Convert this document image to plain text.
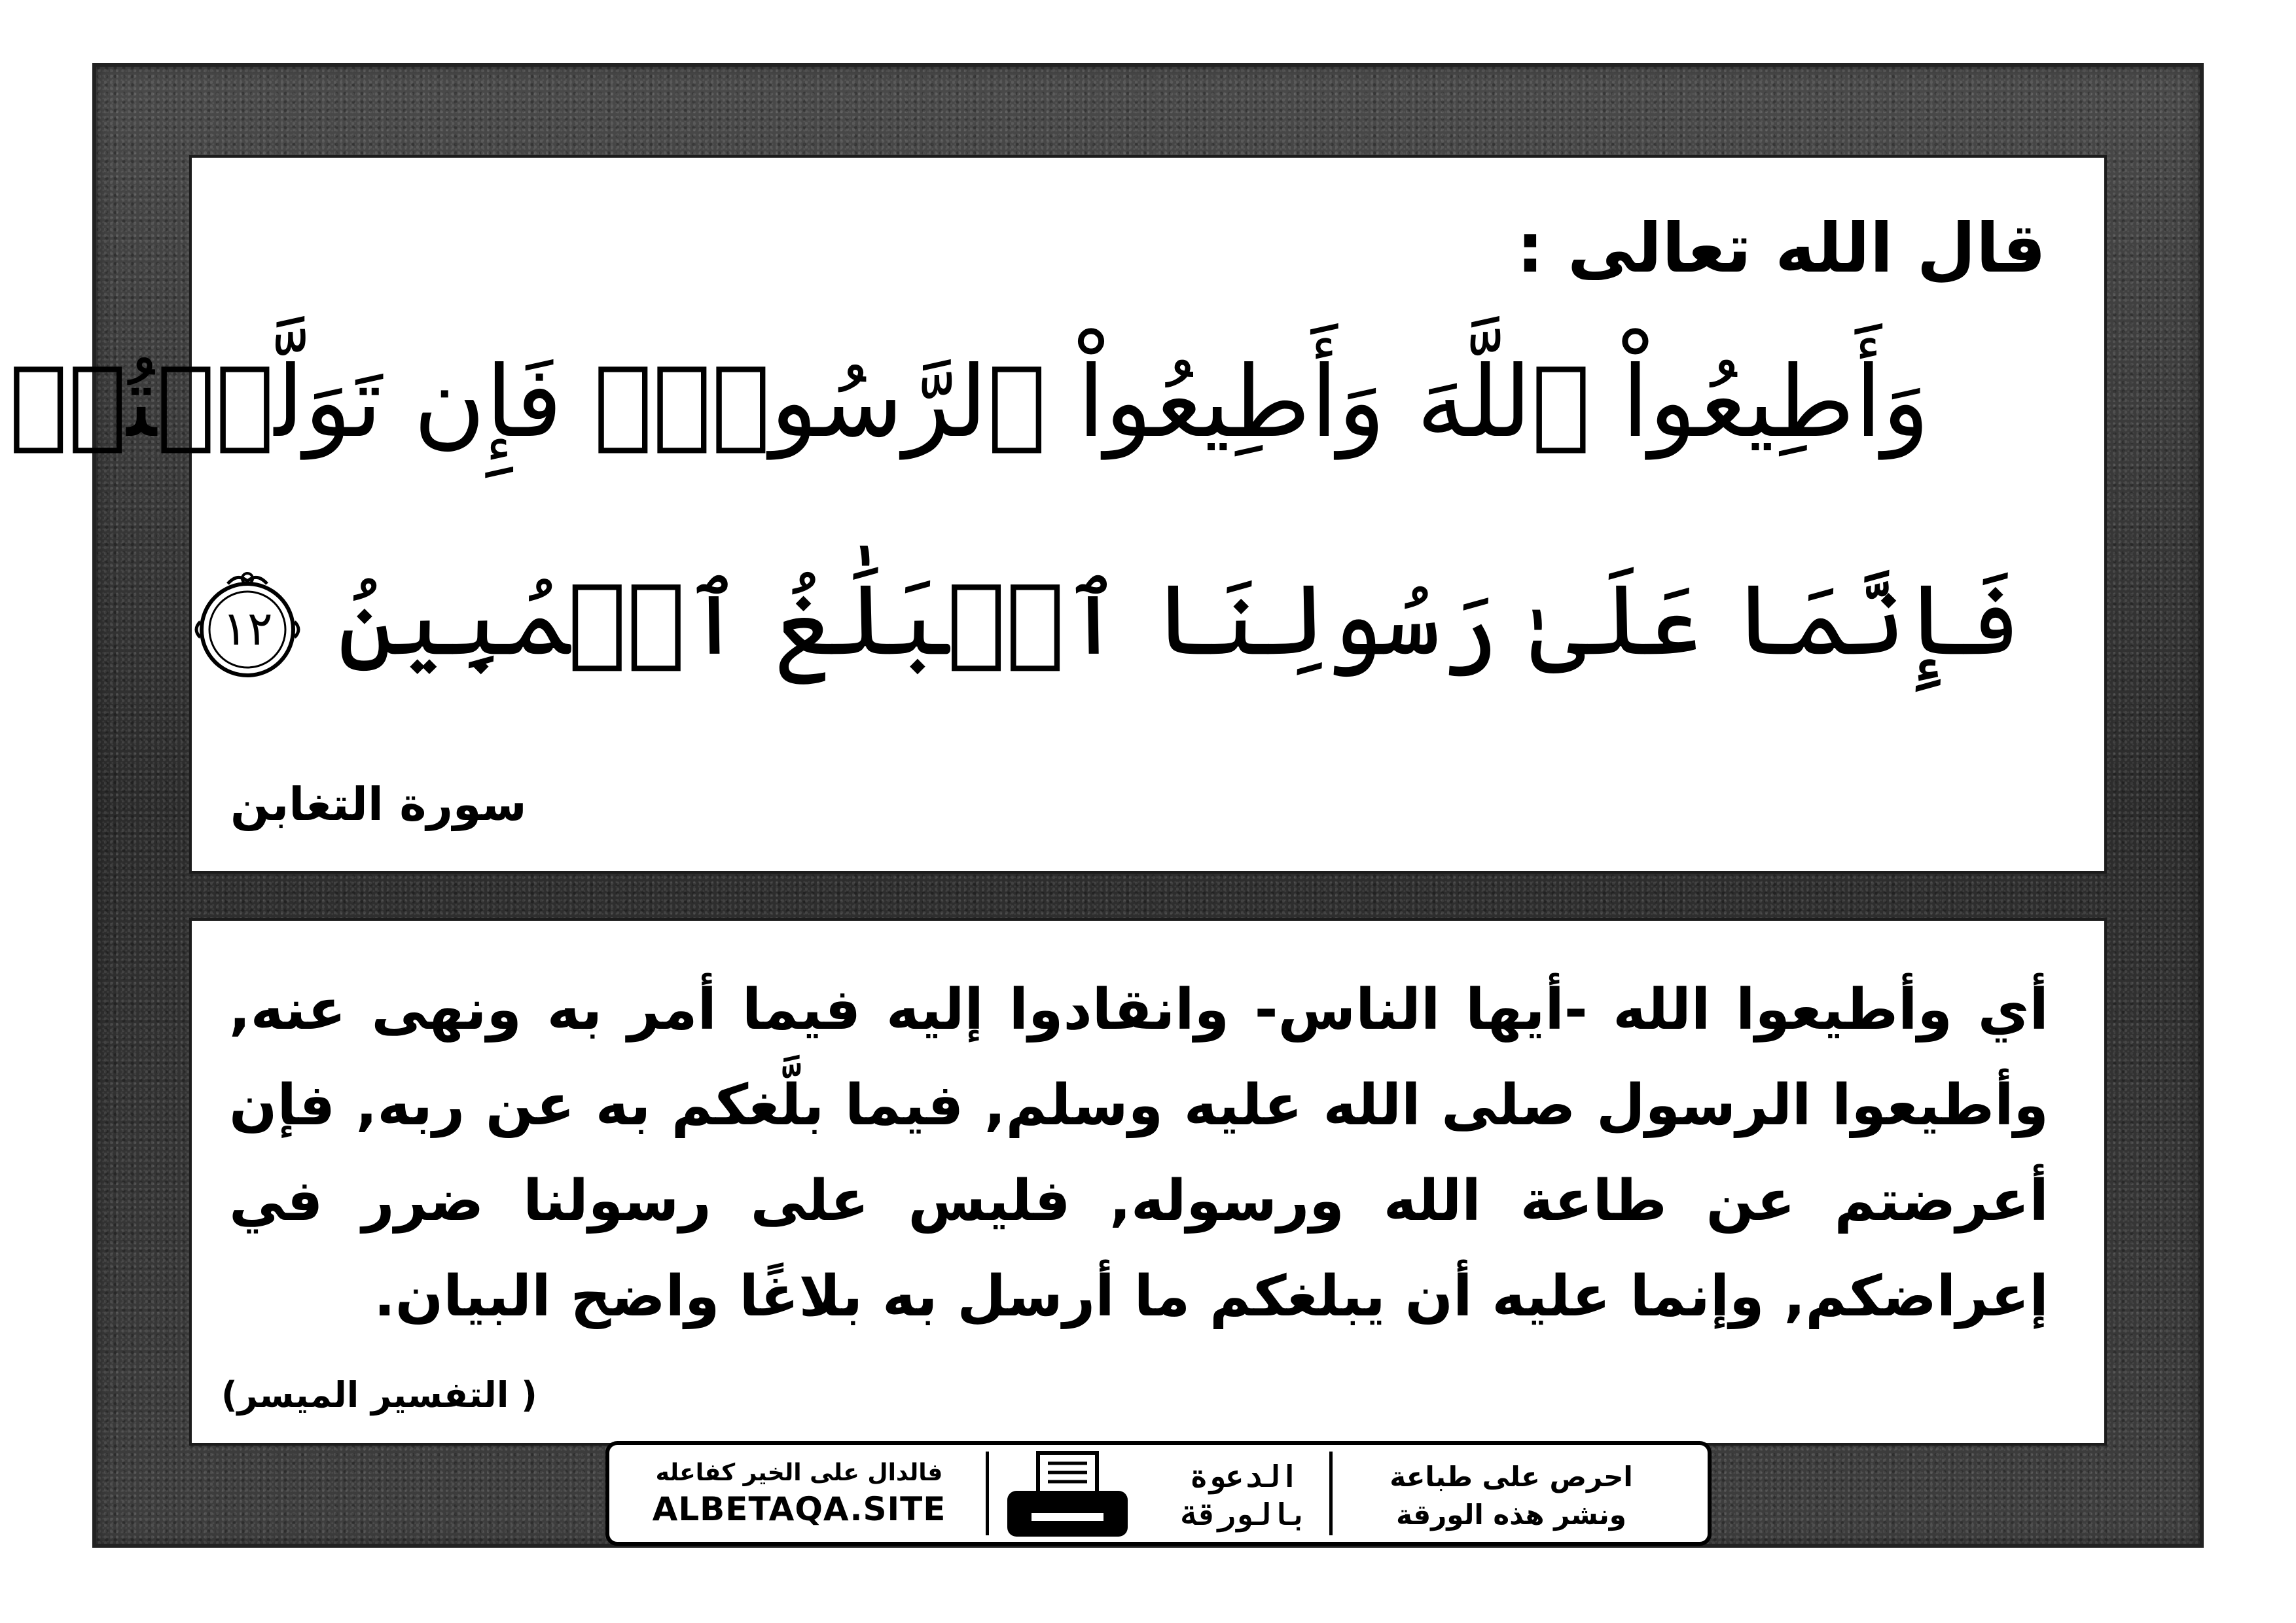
قال الله تعالى :
وَأَطِيعُواْ ٱللَّهَ وَأَطِيعُواْ ٱلرَّسُولَۚ فَإِن تَوَلَّيۡتُمۡ
فَإِنَّمَا عَلَىٰ رَسُولِنَا ٱلۡبَلَٰغُ ٱلۡمُبِينُ
١٢
سورة التغابن
أي وأطيعوا الله -أيها الناس- وانقادوا إليه فيما أمر به ونهى عنه, وأطيعوا الرسول صلى الله عليه وسلم, فيما بلَّغكم به عن ربه, فإن أعرضتم عن طاعة الله ورسوله, فليس على رسولنا ضرر في إعراضكم, وإنما عليه أن يبلغكم ما أرسل به بلاغًا واضح البيان.
( التفسير الميسر)
فالدال على الخير كفاعله
ALBETAQA.SITE
الدعوة
بالورقة
احرص على طباعة
ونشر هذه الورقة
